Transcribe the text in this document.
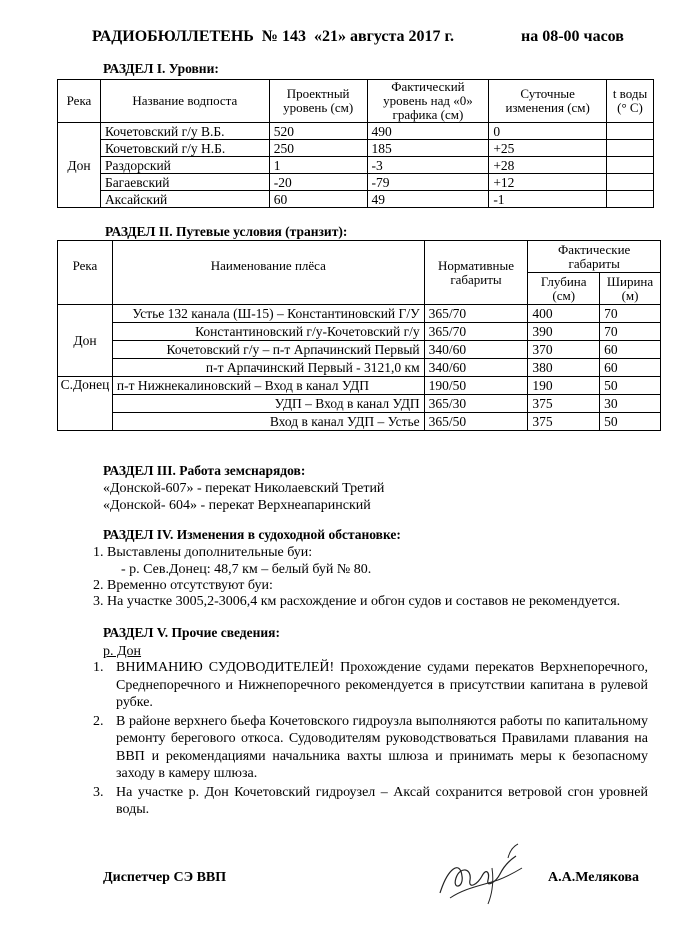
РАДИОБЮЛЛЕТЕНЬ № 143 «21» августа 2017 г.	на 08-00 часов
РАЗДЕЛ I. Уровни:
Река	Название водпоста	Проектный уровень (см)	Фактический уровень над «0» графика (см)	Суточные изменения (см)	t воды (° С)
Дон	Кочетовский г/у В.Б.	520	490	0	
	Кочетовский г/у Н.Б.	250	185	+25	
	Раздорский	1	-3	+28	
	Багаевский	-20	-79	+12	
	Аксайский	60	49	-1	
РАЗДЕЛ II. Путевые условия (транзит):
Река	Наименование плёса	Нормативные габариты	Фактические габариты	
			Глубина (см)	Ширина (м)
Дон	Устье 132 канала (Ш-15) – Константиновский Г/У	365/70	400	70
	Константиновский г/у-Кочетовский г/у	365/70	390	70
	Кочетовский г/у – п-т Арпачинский Первый	340/60	370	60
	п-т Арпачинский Первый - 3121,0 км	340/60	380	60
С.Донец	п-т Нижнекалиновский – Вход в канал УДП	190/50	190	50
	УДП – Вход в канал УДП	365/30	375	30
	Вход в канал УДП – Устье	365/50	375	50
РАЗДЕЛ III. Работа земснарядов:
«Донской-607» - перекат Николаевский Третий
«Донской- 604» - перекат Верхнеапаринский
РАЗДЕЛ IV. Изменения в судоходной обстановке:
1. Выставлены дополнительные буи:
- р. Сев.Донец: 48,7 км – белый буй № 80.
2. Временно отсутствуют буи:
3. На участке 3005,2-3006,4 км расхождение и обгон судов и составов не рекомендуется.
РАЗДЕЛ V. Прочие сведения:
р. Дон
1. ВНИМАНИЮ СУДОВОДИТЕЛЕЙ! Прохождение судами перекатов Верхнепоречного, Среднепоречного и Нижнепоречного рекомендуется в присутствии капитана в рулевой рубке.
2. В районе верхнего бьефа Кочетовского гидроузла выполняются работы по капитальному ремонту берегового откоса. Судоводителям руководствоваться Правилами плавания на ВВП и рекомендациями начальника вахты шлюза и принимать меры к безопасному заходу в камеру шлюза.
3. На участке р. Дон Кочетовский гидроузел – Аксай сохранится ветровой сгон уровней воды.
Диспетчер СЭ ВВП	А.А.Мелякова
